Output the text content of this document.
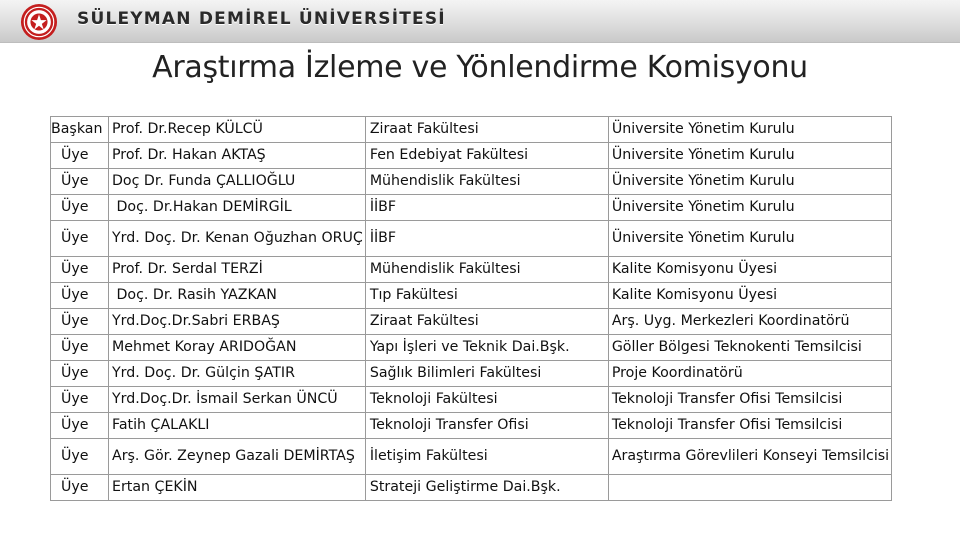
SÜLEYMAN DEMİREL ÜNİVERSİTESİ
Araştırma İzleme ve Yönlendirme Komisyonu
Başkan	Prof. Dr.Recep KÜLCÜ	Ziraat Fakültesi	Üniversite Yönetim Kurulu
Üye	Prof. Dr. Hakan AKTAŞ	Fen Edebiyat Fakültesi	Üniversite Yönetim Kurulu
Üye	Doç Dr. Funda ÇALLIOĞLU	Mühendislik Fakültesi	Üniversite Yönetim Kurulu
Üye	Doç. Dr.Hakan DEMİRGİL	İİBF	Üniversite Yönetim Kurulu
Üye	Yrd. Doç. Dr. Kenan Oğuzhan ORUÇ	İİBF	Üniversite Yönetim Kurulu
Üye	Prof. Dr. Serdal TERZİ	Mühendislik Fakültesi	Kalite Komisyonu Üyesi
Üye	Doç. Dr. Rasih YAZKAN	Tıp Fakültesi	Kalite Komisyonu Üyesi
Üye	Yrd.Doç.Dr.Sabri ERBAŞ	Ziraat Fakültesi	Arş. Uyg. Merkezleri Koordinatörü
Üye	Mehmet Koray ARIDOĞAN	Yapı İşleri ve Teknik Dai.Bşk.	Göller Bölgesi Teknokenti Temsilcisi
Üye	Yrd. Doç. Dr. Gülçin ŞATIR	Sağlık Bilimleri Fakültesi	Proje Koordinatörü
Üye	Yrd.Doç.Dr. İsmail Serkan ÜNCÜ	Teknoloji Fakültesi	Teknoloji Transfer Ofisi Temsilcisi
Üye	Fatih ÇALAKLI	Teknoloji Transfer Ofisi	Teknoloji Transfer Ofisi Temsilcisi
Üye	Arş. Gör. Zeynep Gazali DEMİRTAŞ	İletişim Fakültesi	Araştırma Görevlileri Konseyi Temsilcisi
Üye	Ertan ÇEKİN	Strateji Geliştirme Dai.Bşk.	
